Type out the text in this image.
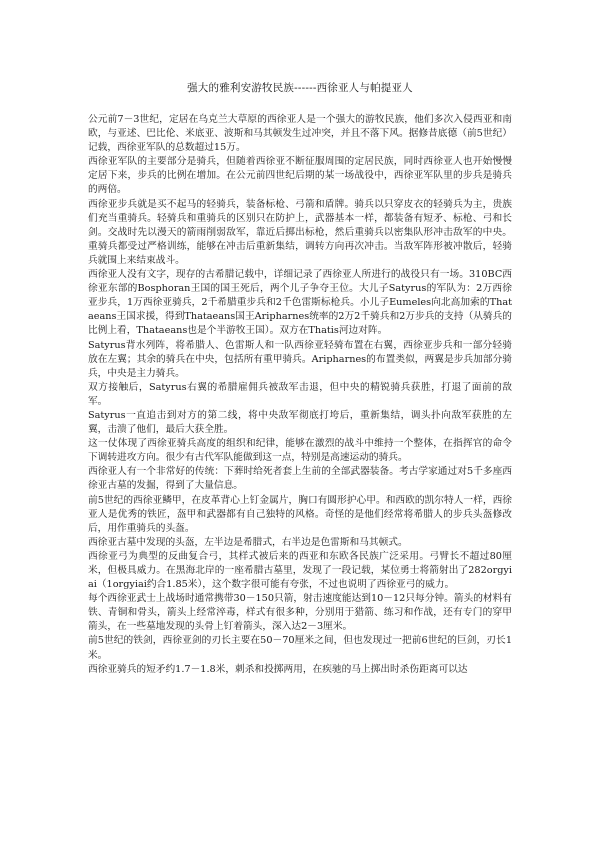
强大的雅利安游牧民族------西徐亚人与帕提亚人

公元前7－3世纪，定居在乌克兰大草原的西徐亚人是一个强大的游牧民族，他们多次入侵西亚和南欧，与亚述、巴比伦、米底亚、波斯和马其顿发生过冲突，并且不落下风。据修昔底德（前5世纪）记载，西徐亚军队的总数超过15万。

西徐亚军队的主要部分是骑兵，但随着西徐亚不断征服周围的定居民族，同时西徐亚人也开始慢慢定居下来，步兵的比例在增加。在公元前四世纪后期的某一场战役中，西徐亚军队里的步兵是骑兵的两倍。

西徐亚步兵就是买不起马的轻骑兵，装备标枪、弓箭和盾牌。骑兵以只穿皮衣的轻骑兵为主，贵族们充当重骑兵。轻骑兵和重骑兵的区别只在防护上，武器基本一样，都装备有短矛、标枪、弓和长剑。交战时先以漫天的箭雨削弱敌军，靠近后掷出标枪，然后重骑兵以密集队形冲击敌军的中央。重骑兵都受过严格训练，能够在冲击后重新集结，调转方向再次冲击。当敌军阵形被冲散后，轻骑兵就围上来结束战斗。

西徐亚人没有文字，现存的古希腊记载中，详细记录了西徐亚人所进行的战役只有一场。310BC西徐亚东部的Bosphoran王国的国王死后，两个儿子争夺王位。大儿子Satyrus的军队为：2万西徐亚步兵，1万西徐亚骑兵，2千希腊重步兵和2千色雷斯标枪兵。小儿子Eumeles向北高加索的Thataeans王国求援，得到Thataeans国王Aripharnes统率的2万2千骑兵和2万步兵的支持（从骑兵的比例上看，Thataeans也是个半游牧王国）。双方在Thatis河边对阵。

Satyrus背水列阵，将希腊人、色雷斯人和一队西徐亚轻骑布置在右翼，西徐亚步兵和一部分轻骑放在左翼；其余的骑兵在中央，包括所有重甲骑兵。Aripharnes的布置类似，两翼是步兵加部分骑兵，中央是主力骑兵。

双方接触后，Satyrus右翼的希腊雇佣兵被敌军击退，但中央的精锐骑兵获胜，打退了面前的敌军。

Satyrus一直追击到对方的第二线，将中央敌军彻底打垮后，重新集结，调头扑向敌军获胜的左翼，击溃了他们，最后大获全胜。

这一仗体现了西徐亚骑兵高度的组织和纪律，能够在激烈的战斗中维持一个整体，在指挥官的命令下调转进攻方向。很少有古代军队能做到这一点，特别是高速运动的骑兵。

西徐亚人有一个非常好的传统：下葬时给死者套上生前的全部武器装备。考古学家通过对5千多座西徐亚古墓的发掘，得到了大量信息。

前5世纪的西徐亚鳞甲，在皮革背心上钉金属片，胸口有圆形护心甲。和西欧的凯尔特人一样，西徐亚人是优秀的铁匠，盔甲和武器都有自己独特的风格。奇怪的是他们经常将希腊人的步兵头盔修改后，用作重骑兵的头盔。

西徐亚古墓中发现的头盔，左半边是希腊式，右半边是色雷斯和马其顿式。

西徐亚弓为典型的反曲复合弓，其样式被后来的西亚和东欧各民族广泛采用。弓臂长不超过80厘米，但极具威力。在黑海北岸的一座希腊古墓里，发现了一段记载，某位勇士将箭射出了282orgyiai（1orgyiai约合1.85米），这个数字很可能有夸张，不过也说明了西徐亚弓的威力。

每个西徐亚武士上战场时通常携带30－150只箭，射击速度能达到10－12只每分钟。箭头的材料有铁、青铜和骨头，箭头上经常淬毒，样式有很多种，分别用于猎箭、练习和作战，还有专门的穿甲箭头，在一些墓地发现的头骨上钉着箭头，深入达2－3厘米。

前5世纪的铁剑，西徐亚剑的刃长主要在50－70厘米之间，但也发现过一把前6世纪的巨剑，刃长1米。

西徐亚骑兵的短矛约1.7－1.8米，刺杀和投掷两用，在疾驰的马上掷出时杀伤距离可以达
